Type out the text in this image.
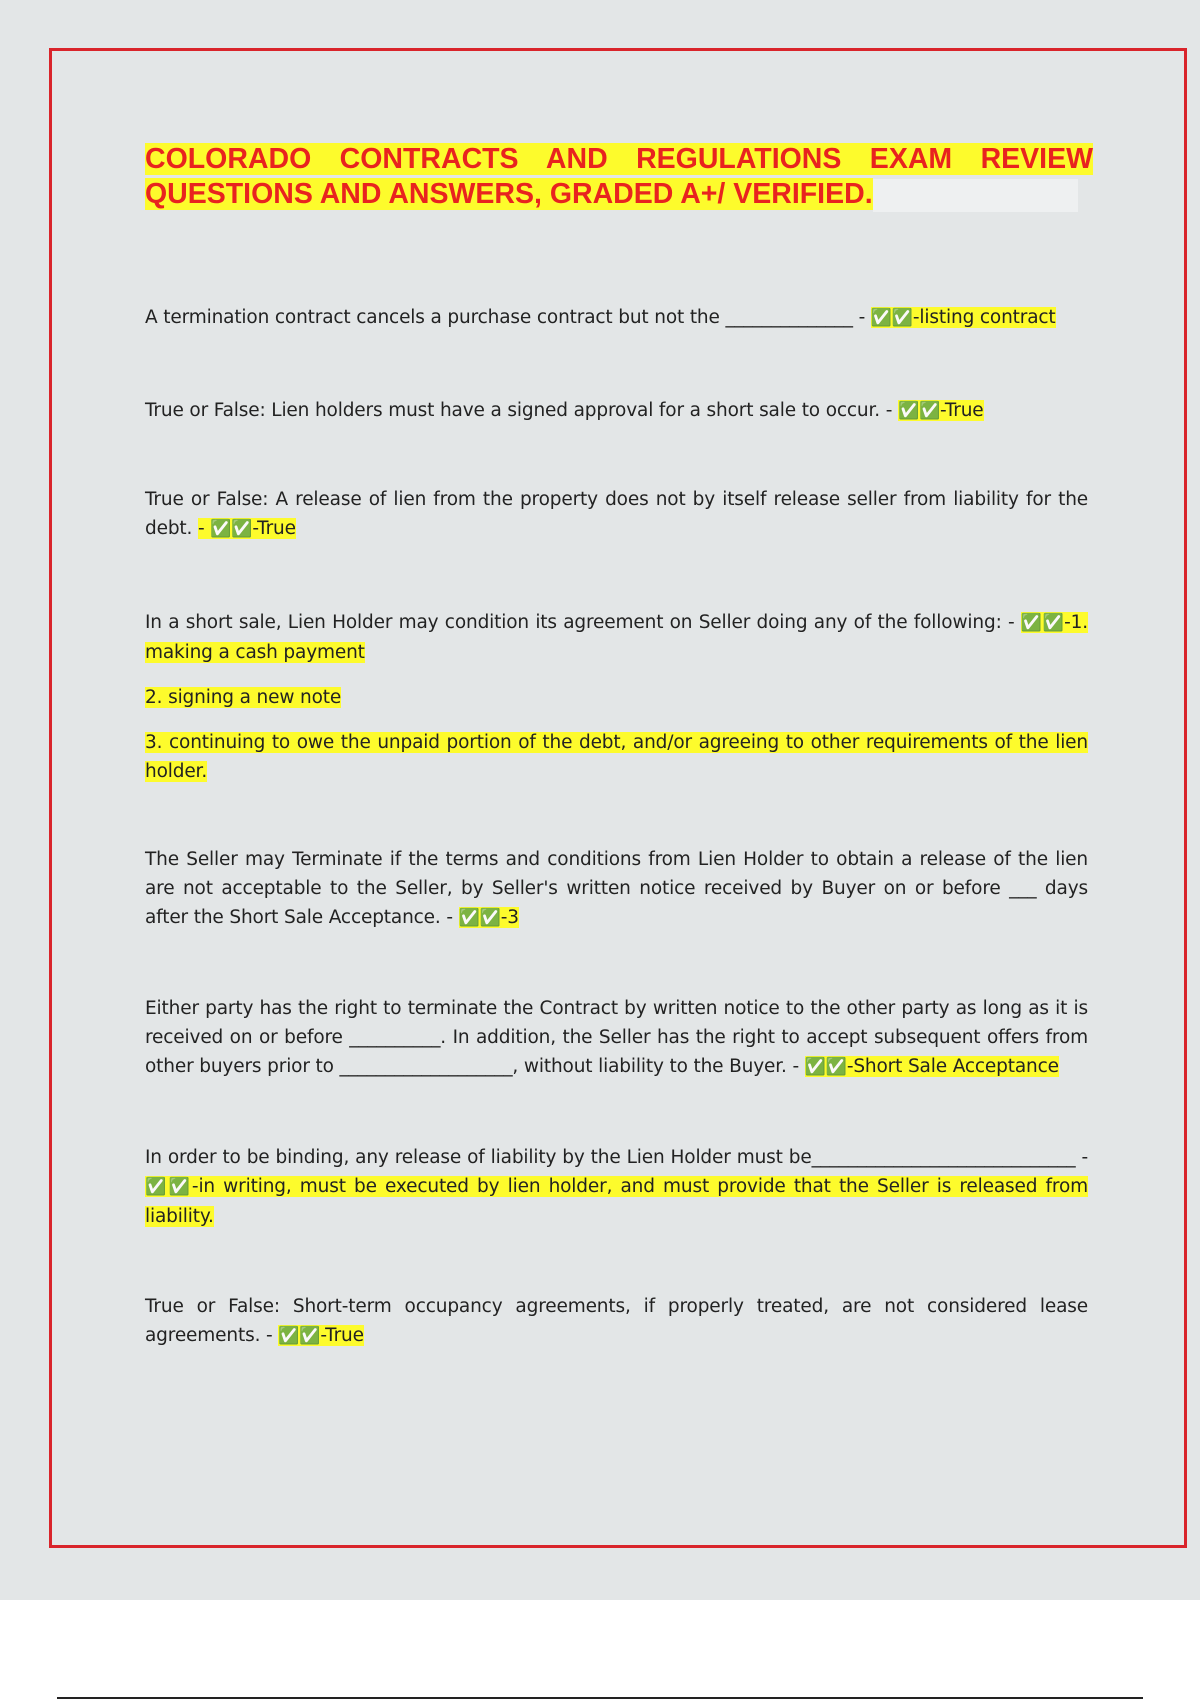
COLORADO CONTRACTS AND REGULATIONS EXAM REVIEW QUESTIONS AND ANSWERS, GRADED A+/ VERIFIED.

A termination contract cancels a purchase contract but not the ______________ - ✅✅-listing contract

True or False: Lien holders must have a signed approval for a short sale to occur. - ✅✅-True

True or False: A release of lien from the property does not by itself release seller from liability for the debt. - ✅✅-True

In a short sale, Lien Holder may condition its agreement on Seller doing any of the following: - ✅✅-1. making a cash payment

2. signing a new note

3. continuing to owe the unpaid portion of the debt, and/or agreeing to other requirements of the lien holder.

The Seller may Terminate if the terms and conditions from Lien Holder to obtain a release of the lien are not acceptable to the Seller, by Seller's written notice received by Buyer on or before ___ days after the Short Sale Acceptance. - ✅✅-3

Either party has the right to terminate the Contract by written notice to the other party as long as it is received on or before __________. In addition, the Seller has the right to accept subsequent offers from other buyers prior to ___________________, without liability to the Buyer. - ✅✅-Short Sale Acceptance

In order to be binding, any release of liability by the Lien Holder must be_____________________________ - ✅✅-in writing, must be executed by lien holder, and must provide that the Seller is released from liability.

True or False: Short-term occupancy agreements, if properly treated, are not considered lease agreements. - ✅✅-True
